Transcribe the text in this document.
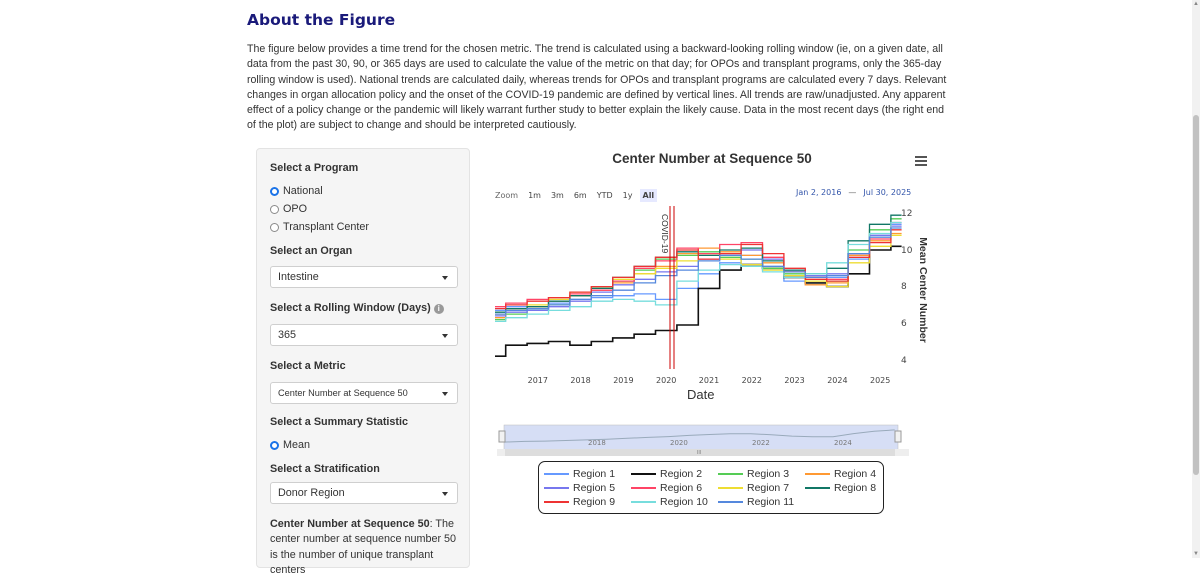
About the Figure
The figure below provides a time trend for the chosen metric. The trend is calculated using a backward-looking rolling window (ie, on a given date, all data from the past 30, 90, or 365 days are used to calculate the value of the metric on that day; for OPOs and transplant programs, only the 365-day rolling window is used). National trends are calculated daily, whereas trends for OPOs and transplant programs are calculated every 7 days. Relevant changes in organ allocation policy and the onset of the COVID-19 pandemic are defined by vertical lines. All trends are raw/unadjusted. Any apparent effect of a policy change or the pandemic will likely warrant further study to better explain the likely cause. Data in the most recent days (the right end of the plot) are subject to change and should be interpreted cautiously.
Select a Program
National
OPO
Transplant Center
Select an Organ
Intestine
Select a Rolling Window (Days) i
365
Select a Metric
Center Number at Sequence 50
Select a Summary Statistic
Mean
Select a Stratification
Donor Region
Center Number at Sequence 50: The center number at sequence number 50 is the number of unique transplant centers
Center Number at Sequence 50
Zoom	1m	3m	6m	YTD	1y	All	Jan 2, 2016 — Jul 30, 2025
COVID-19
2017	2018	2019	2020	2021	2022	2023	2024	2025
Date
4
6
8
10
12
Mean Center Number
2018	2020	2022	2024
III
Region 1	Region 2	Region 3	Region 4
Region 5	Region 6	Region 7	Region 8
Region 9	Region 10	Region 11
▲
▼
